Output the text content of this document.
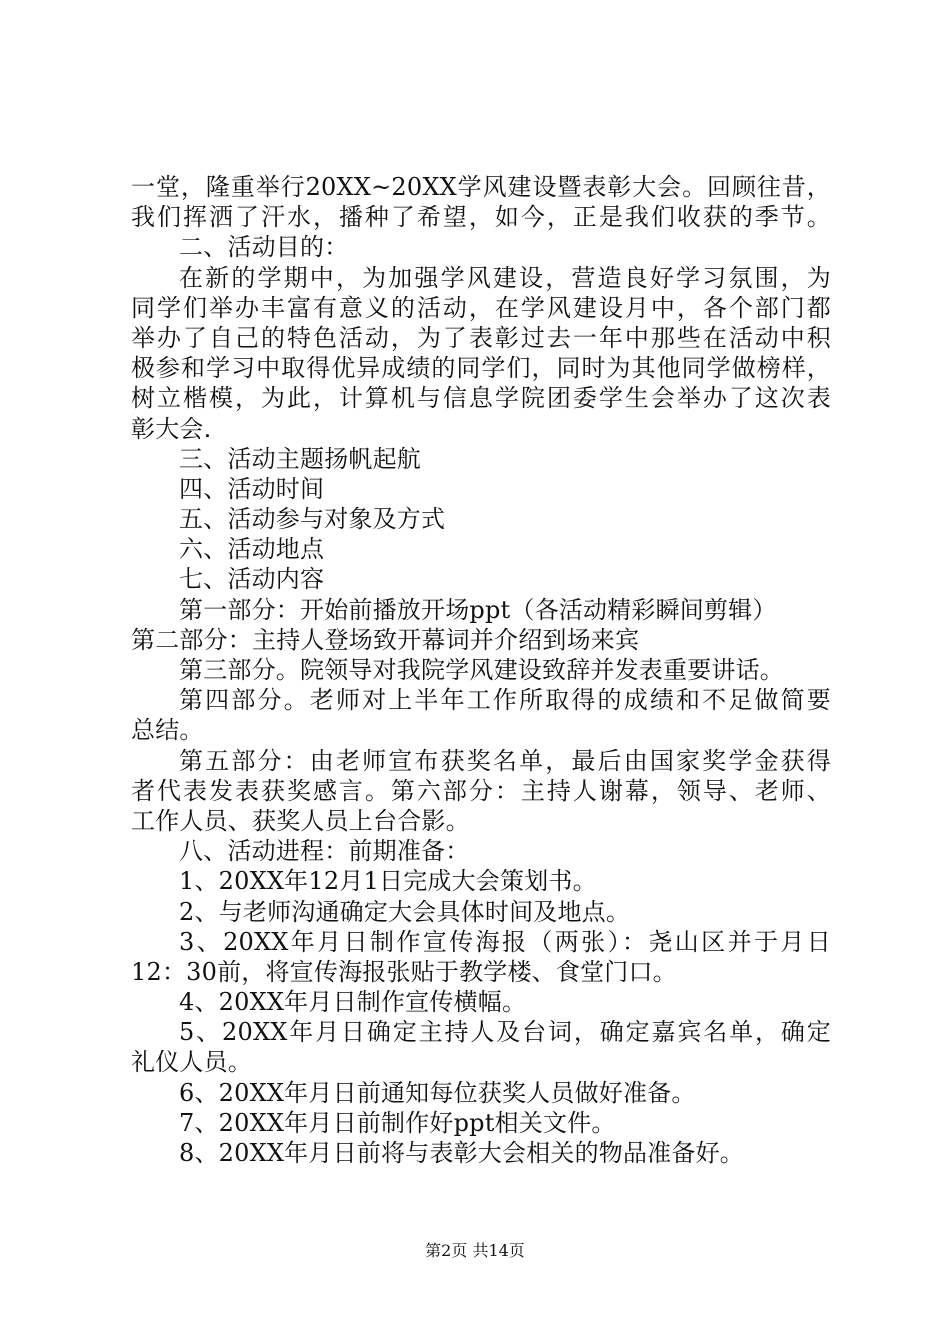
一堂，隆重举行20XX~20XX学风建设暨表彰大会。回顾往昔，
我们挥洒了汗水，播种了希望，如今，正是我们收获的季节。
二、活动目的：
在新的学期中，为加强学风建设，营造良好学习氛围，为
同学们举办丰富有意义的活动，在学风建设月中，各个部门都
举办了自己的特色活动，为了表彰过去一年中那些在活动中积
极参和学习中取得优异成绩的同学们，同时为其他同学做榜样，
树立楷模，为此，计算机与信息学院团委学生会举办了这次表
彰大会.
三、活动主题扬帆起航
四、活动时间
五、活动参与对象及方式
六、活动地点
七、活动内容
第一部分：开始前播放开场ppt（各活动精彩瞬间剪辑）
第二部分：主持人登场致开幕词并介绍到场来宾
第三部分。院领导对我院学风建设致辞并发表重要讲话。
第四部分。老师对上半年工作所取得的成绩和不足做简要
总结。
第五部分：由老师宣布获奖名单，最后由国家奖学金获得
者代表发表获奖感言。第六部分：主持人谢幕，领导、老师、
工作人员、获奖人员上台合影。
八、活动进程：前期准备：
1、20XX年12月1日完成大会策划书。
2、与老师沟通确定大会具体时间及地点。
3、20XX年月日制作宣传海报（两张）：尧山区并于月日
12：30前，将宣传海报张贴于教学楼、食堂门口。
4、20XX年月日制作宣传横幅。
5、20XX年月日确定主持人及台词，确定嘉宾名单，确定
礼仪人员。
6、20XX年月日前通知每位获奖人员做好准备。
7、20XX年月日前制作好ppt相关文件。
8、20XX年月日前将与表彰大会相关的物品准备好。
第2页 共14页
